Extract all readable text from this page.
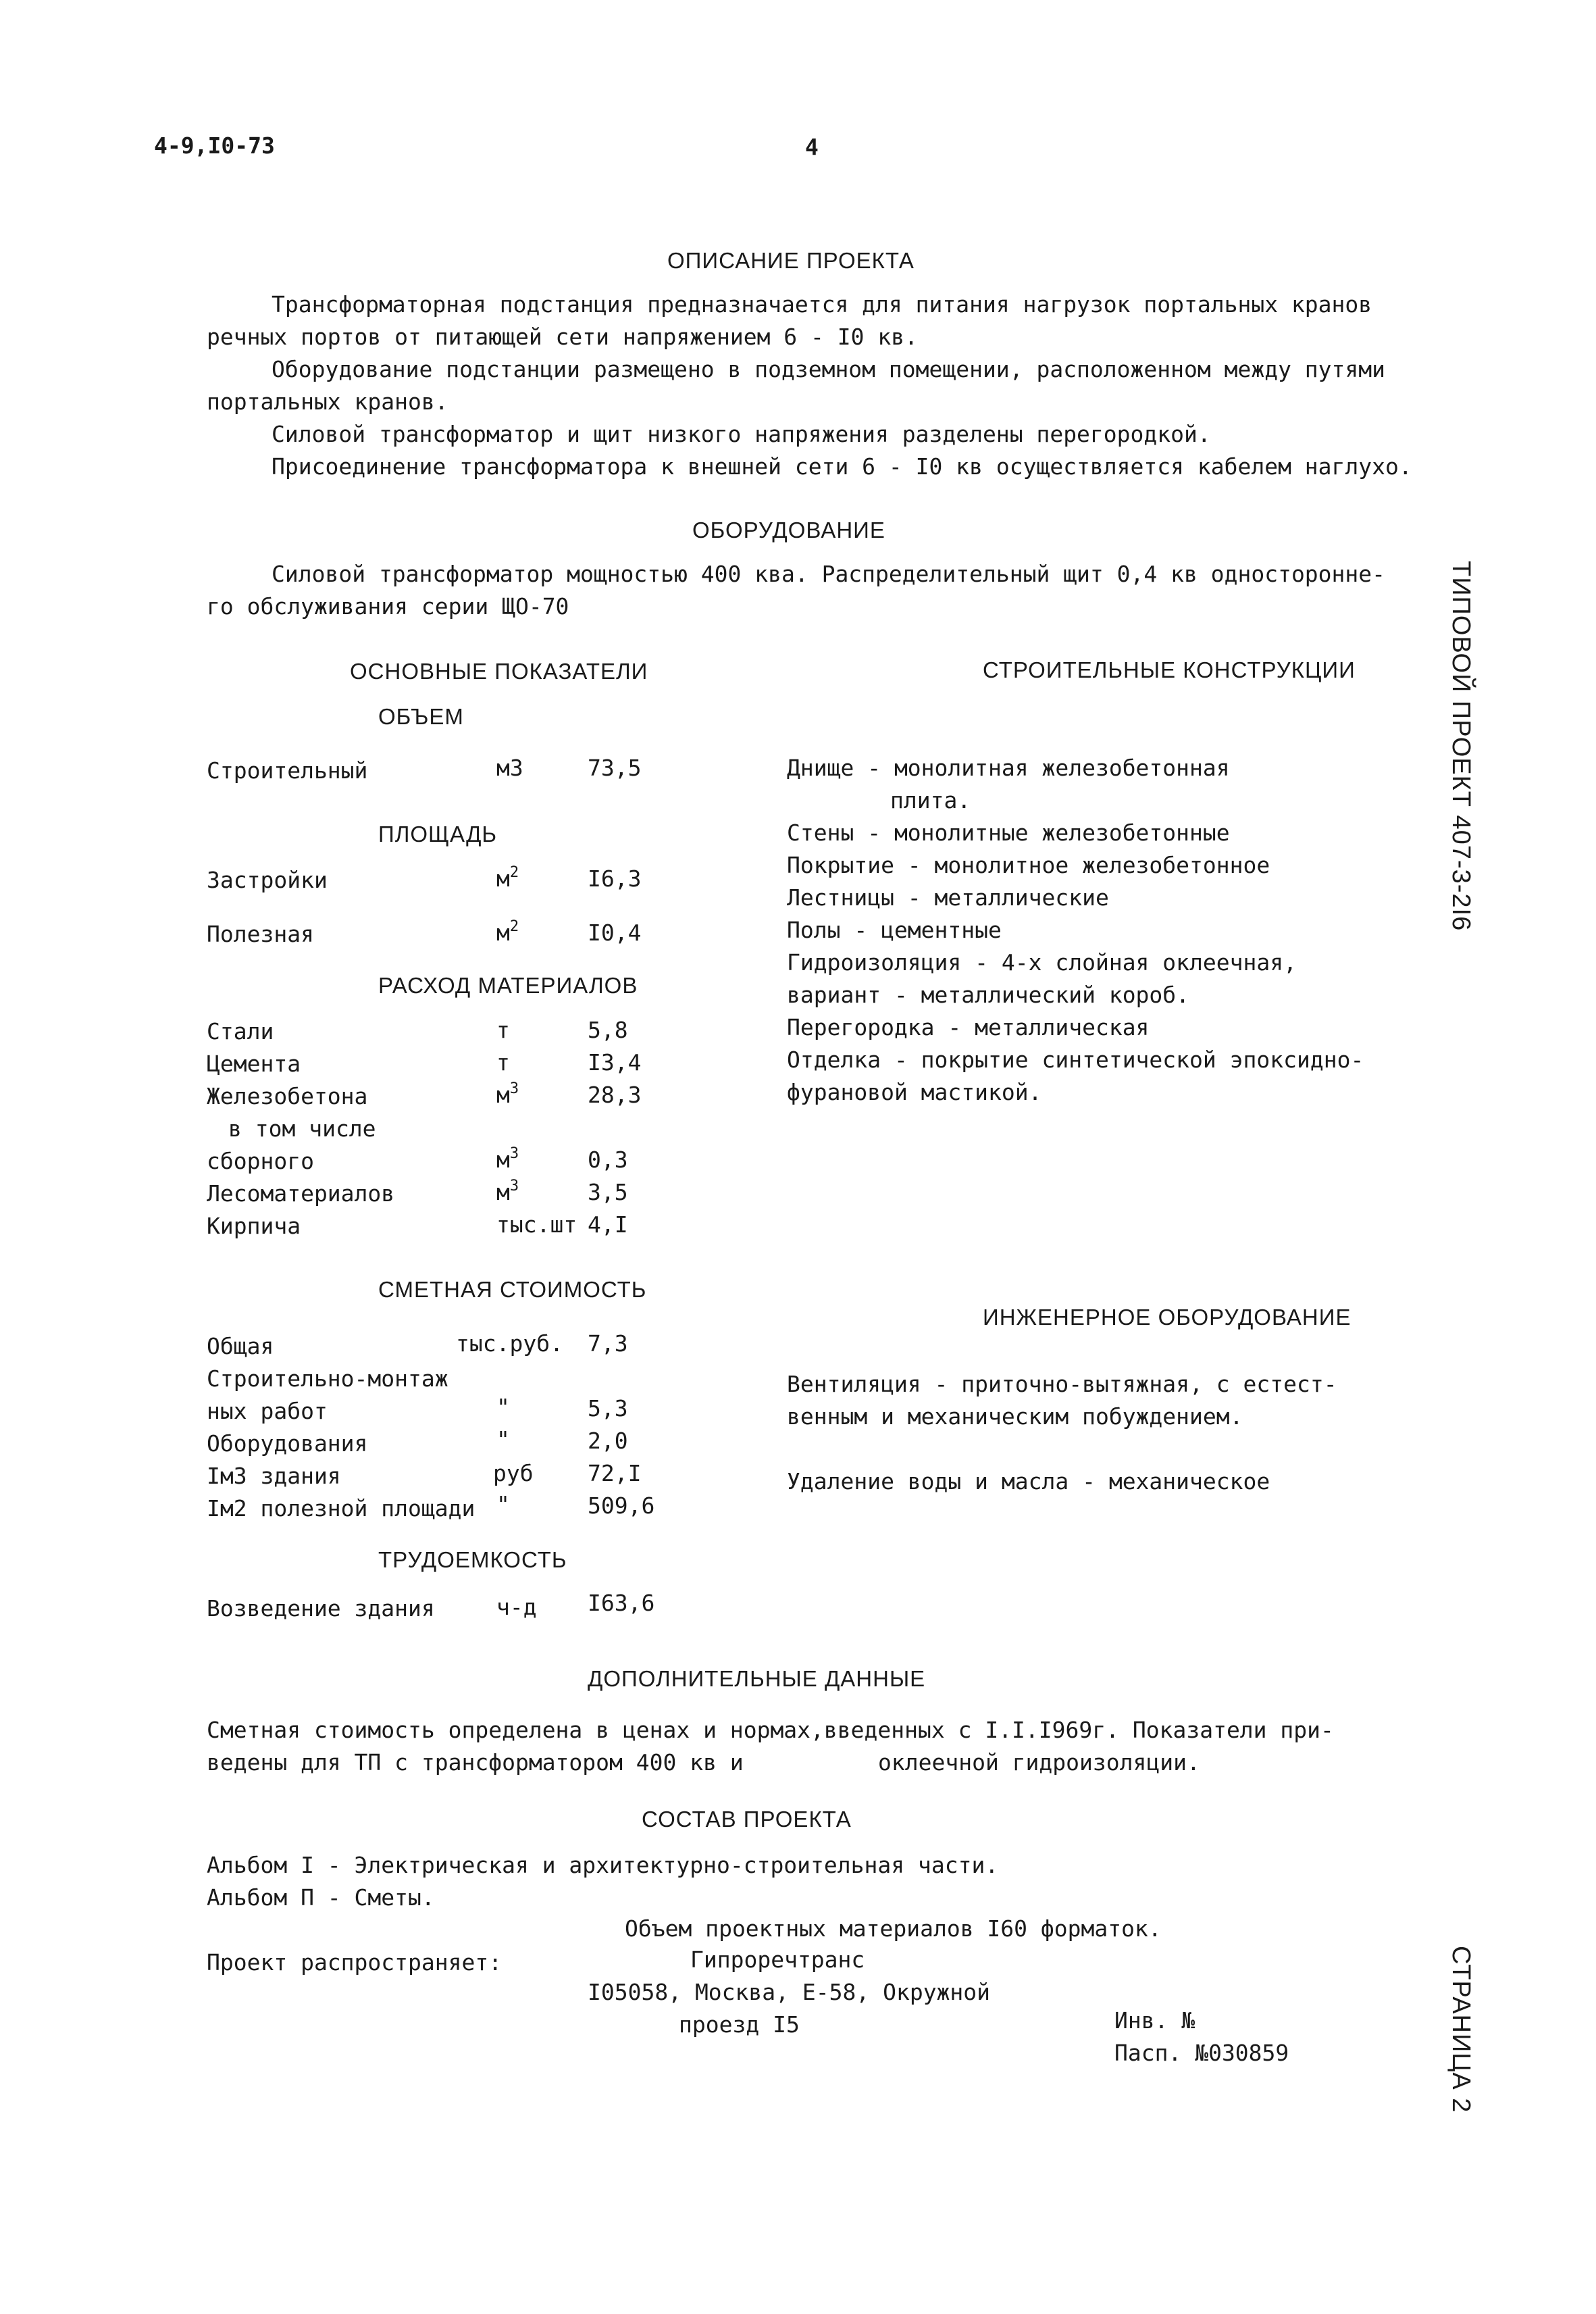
4-9,I0-73	4
ОПИСАНИЕ ПРОЕКТА
Трансформаторная подстанция предназначается для питания нагрузок портальных кранов
речных портов от питающей сети напряжением 6 - I0 кв.
Оборудование подстанции размещено в подземном помещении, расположенном между путями
портальных кранов.
Силовой трансформатор и щит низкого напряжения разделены перегородкой.
Присоединение трансформатора к внешней сети 6 - I0 кв осуществляется кабелем наглухо.
ОБОРУДОВАНИЕ
Силовой трансформатор мощностью 400 ква. Распределительный щит 0,4 кв односторонне-
го обслуживания серии ЩО-70
ОСНОВНЫЕ ПОКАЗАТЕЛИ
ОБЪЕМ
Строительный	м3	73,5
ПЛОЩАДЬ
Застройки	$м^2$	I6,3
Полезная	$м^2$	I0,4
РАСХОД МАТЕРИАЛОВ
Стали	т	5,8
Цемента	т	I3,4
Железобетона	$м^3$	28,3
в том числе
сборного	$м^3$	0,3
Лесоматериалов	$м^3$	3,5
Кирпича	тыс.шт 4,I
СМЕТНАЯ СТОИМОСТЬ
Общая	тыс.руб. 7,3
Строительно-монтаж
ных работ	"	5,3
Оборудования	"	2,0
Iм3 здания	руб 72,I
Iм2 полезной площади "	509,6
ТРУДОЕМКОСТЬ
Возведение здания	ч-д I63,6
СТРОИТЕЛЬНЫЕ КОНСТРУКЦИИ
Днище - монолитная железобетонная
плита.
Стены - монолитные железобетонные
Покрытие - монолитное железобетонное
Лестницы - металлические
Полы - цементные
Гидроизоляция - 4-х слойная оклеечная,
вариант - металлический короб.
Перегородка - металлическая
Отделка - покрытие синтетической эпоксидно-
фурановой мастикой.
ИНЖЕНЕРНОЕ ОБОРУДОВАНИЕ
Вентиляция - приточно-вытяжная, с естест-
венным и механическим побуждением.
Удаление воды и масла - механическое
ДОПОЛНИТЕЛЬНЫЕ ДАННЫЕ
Сметная стоимость определена в ценах и нормах,введенных с I.I.I969г. Показатели при-
ведены для ТП с трансформатором 400 кв и	оклеечной гидроизоляции.
СОСТАВ ПРОЕКТА
Альбом I - Электрическая и архитектурно-строительная части.
Альбом П - Сметы.
Объем проектных материалов I60 форматок.
Проект распространяет:	Гипроречтранс
I05058, Москва, Е-58, Окружной
проезд I5	Инв. №
Пасп. №030859
ТИПОВОЙ ПРОЕКТ 407-3-2I6
СТРАНИЦА 2
